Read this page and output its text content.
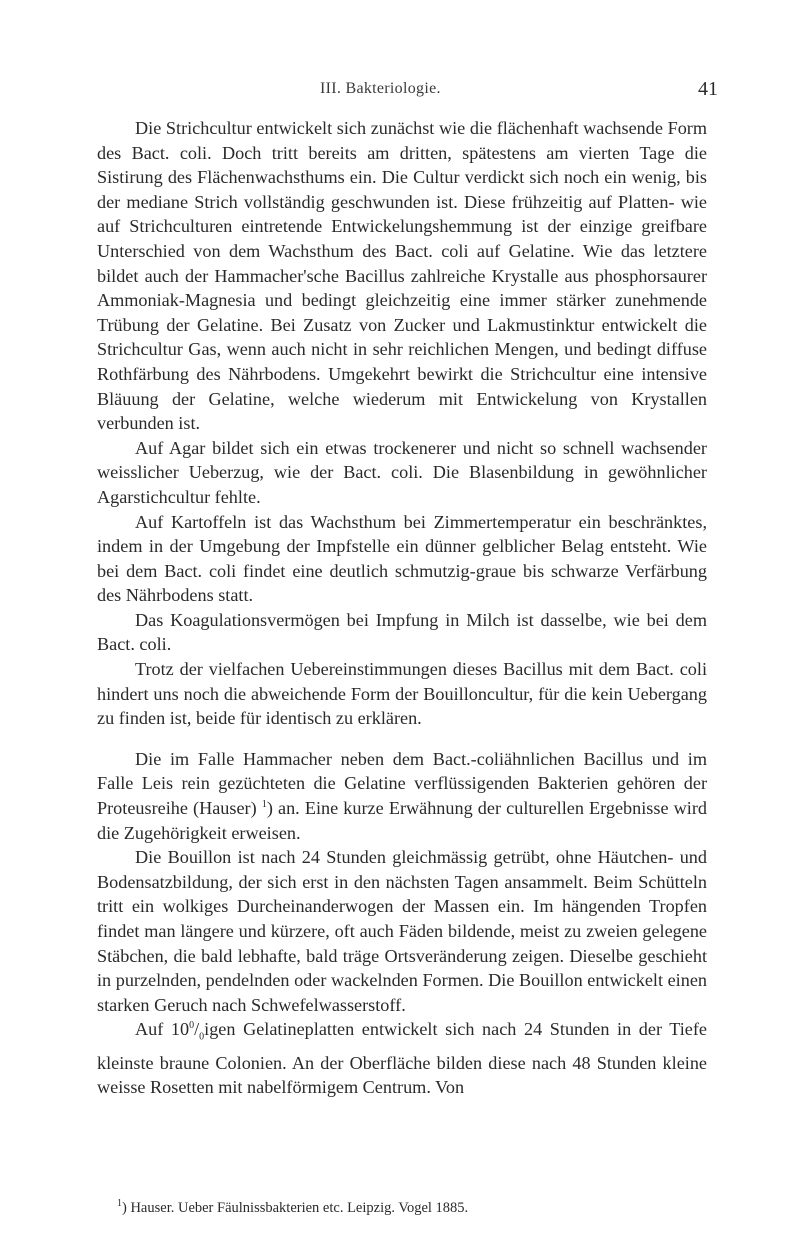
III. Bakteriologie.	41

Die Strichcultur entwickelt sich zunächst wie die flächenhaft wachsende Form des Bact. coli. Doch tritt bereits am dritten, spätestens am vierten Tage die Sistirung des Flächenwachsthums ein. Die Cultur verdickt sich noch ein wenig, bis der mediane Strich vollständig geschwunden ist. Diese frühzeitig auf Platten- wie auf Strichculturen eintretende Entwickelungshemmung ist der einzige greifbare Unterschied von dem Wachsthum des Bact. coli auf Gelatine. Wie das letztere bildet auch der Hammacher'sche Bacillus zahlreiche Krystalle aus phosphorsaurer Ammoniak-Magnesia und bedingt gleichzeitig eine immer stärker zunehmende Trübung der Gelatine. Bei Zusatz von Zucker und Lakmustinktur entwickelt die Strichcultur Gas, wenn auch nicht in sehr reichlichen Mengen, und bedingt diffuse Rothfärbung des Nährbodens. Umgekehrt bewirkt die Strichcultur eine intensive Bläuung der Gelatine, welche wiederum mit Entwickelung von Krystallen verbunden ist.

Auf Agar bildet sich ein etwas trockenerer und nicht so schnell wachsender weisslicher Ueberzug, wie der Bact. coli. Die Blasenbildung in gewöhnlicher Agarstichcultur fehlte.

Auf Kartoffeln ist das Wachsthum bei Zimmertemperatur ein beschränktes, indem in der Umgebung der Impfstelle ein dünner gelblicher Belag entsteht. Wie bei dem Bact. coli findet eine deutlich schmutzig-graue bis schwarze Verfärbung des Nährbodens statt.

Das Koagulationsvermögen bei Impfung in Milch ist dasselbe, wie bei dem Bact. coli.

Trotz der vielfachen Uebereinstimmungen dieses Bacillus mit dem Bact. coli hindert uns noch die abweichende Form der Bouilloncultur, für die kein Uebergang zu finden ist, beide für identisch zu erklären.

Die im Falle Hammacher neben dem Bact.-coliähnlichen Bacillus und im Falle Leis rein gezüchteten die Gelatine verflüssigenden Bakterien gehören der Proteusreihe (Hauser) $^1$) an. Eine kurze Erwähnung der culturellen Ergebnisse wird die Zugehörigkeit erweisen.

Die Bouillon ist nach 24 Stunden gleichmässig getrübt, ohne Häutchen- und Bodensatzbildung, der sich erst in den nächsten Tagen ansammelt. Beim Schütteln tritt ein wolkiges Durcheinanderwogen der Massen ein. Im hängenden Tropfen findet man längere und kürzere, oft auch Fäden bildende, meist zu zweien gelegene Stäbchen, die bald lebhafte, bald träge Ortsveränderung zeigen. Dieselbe geschieht in purzelnden, pendelnden oder wackelnden Formen. Die Bouillon entwickelt einen starken Geruch nach Schwefelwasserstoff.

Auf $10^0/_0igen$ Gelatineplatten entwickelt sich nach 24 Stunden in der Tiefe kleinste braune Colonien. An der Oberfläche bilden diese nach 48 Stunden kleine weisse Rosetten mit nabelförmigem Centrum. Von

$^1$) Hauser. Ueber Fäulnissbakterien etc. Leipzig. Vogel 1885.
